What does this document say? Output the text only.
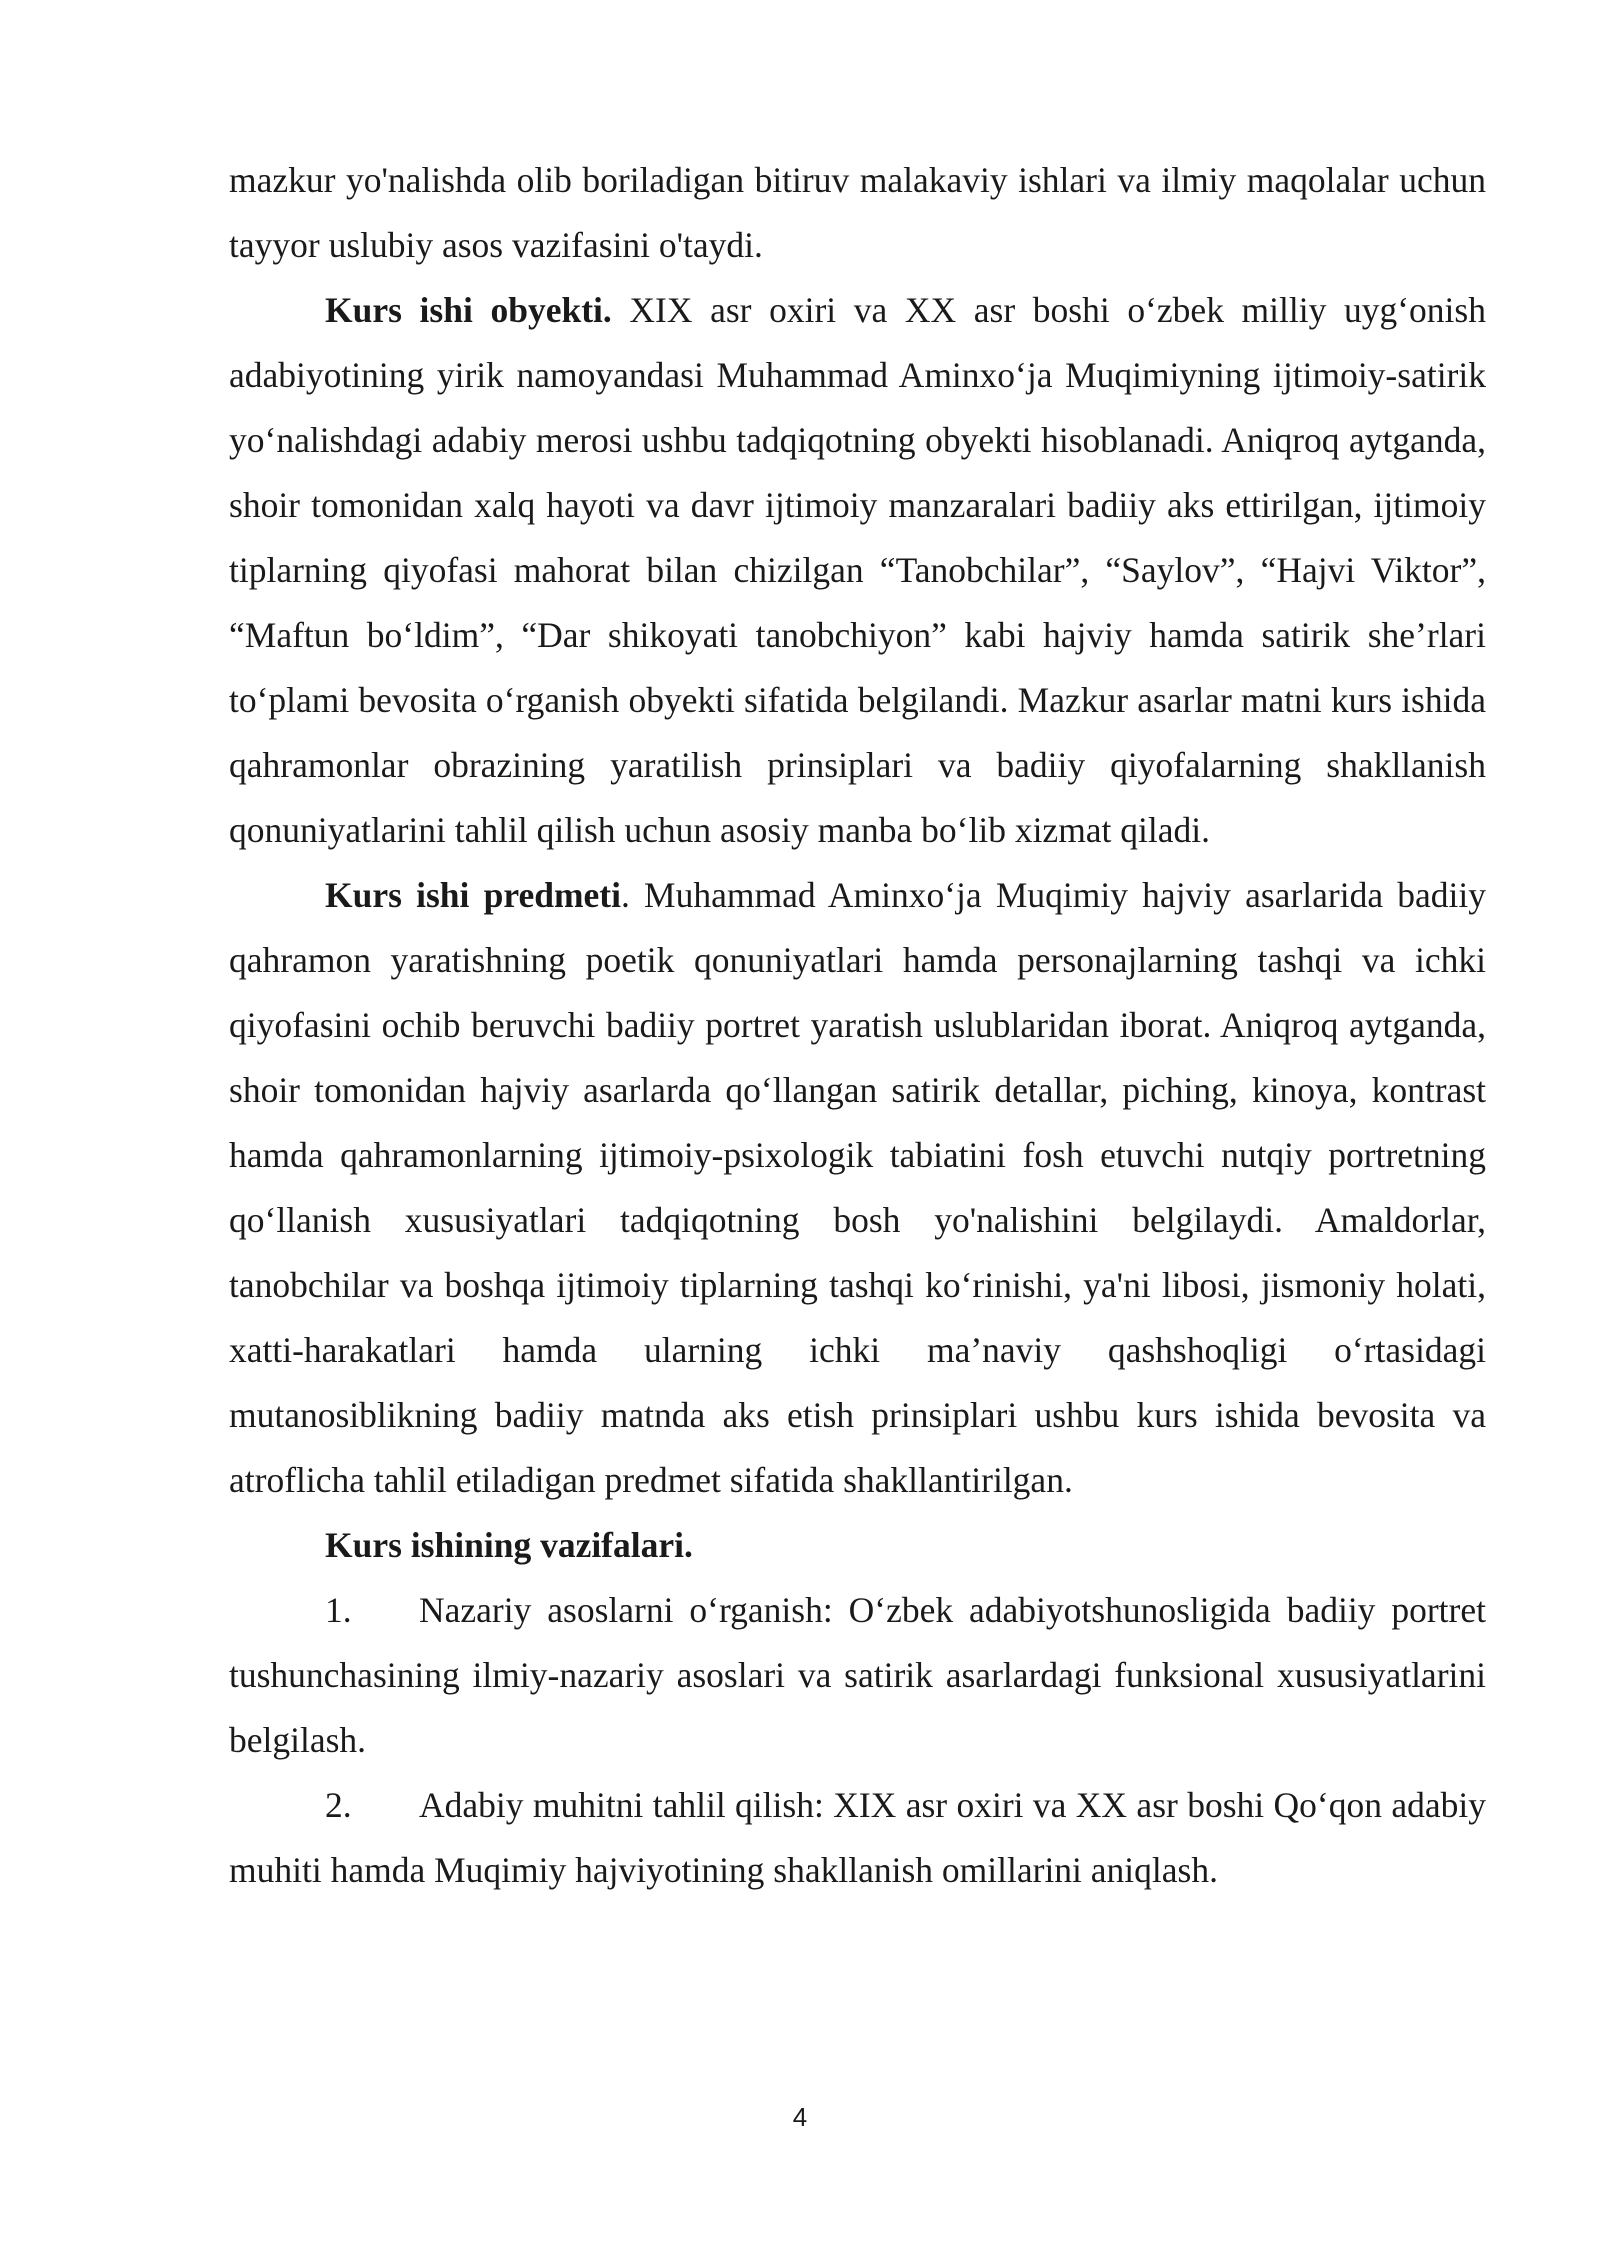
mazkur yo'nalishda olib boriladigan bitiruv malakaviy ishlari va ilmiy maqolalar uchun tayyor uslubiy asos vazifasini o'taydi.

Kurs ishi obyekti. XIX asr oxiri va XX asr boshi o‘zbek milliy uyg‘onish adabiyotining yirik namoyandasi Muhammad Aminxo‘ja Muqimiyning ijtimoiy-satirik yo‘nalishdagi adabiy merosi ushbu tadqiqotning obyekti hisoblanadi. Aniqroq aytganda, shoir tomonidan xalq hayoti va davr ijtimoiy manzaralari badiiy aks ettirilgan, ijtimoiy tiplarning qiyofasi mahorat bilan chizilgan “Tanobchilar”, “Saylov”, “Hajvi Viktor”, “Maftun bo‘ldim”, “Dar shikoyati tanobchiyon” kabi hajviy hamda satirik she’rlari to‘plami bevosita o‘rganish obyekti sifatida belgilandi. Mazkur asarlar matni kurs ishida qahramonlar obrazining yaratilish prinsiplari va badiiy qiyofalarning shakllanish qonuniyatlarini tahlil qilish uchun asosiy manba bo‘lib xizmat qiladi.

Kurs ishi predmeti. Muhammad Aminxo‘ja Muqimiy hajviy asarlarida badiiy qahramon yaratishning poetik qonuniyatlari hamda personajlarning tashqi va ichki qiyofasini ochib beruvchi badiiy portret yaratish uslublaridan iborat. Aniqroq aytganda, shoir tomonidan hajviy asarlarda qo‘llangan satirik detallar, piching, kinoya, kontrast hamda qahramonlarning ijtimoiy-psixologik tabiatini fosh etuvchi nutqiy portretning qo‘llanish xususiyatlari tadqiqotning bosh yo'nalishini belgilaydi. Amaldorlar, tanobchilar va boshqa ijtimoiy tiplarning tashqi ko‘rinishi, ya'ni libosi, jismoniy holati, xatti-harakatlari hamda ularning ichki ma’naviy qashshoqligi o‘rtasidagi mutanosiblikning badiiy matnda aks etish prinsiplari ushbu kurs ishida bevosita va atroflicha tahlil etiladigan predmet sifatida shakllantirilgan.

Kurs ishining vazifalari.

1. Nazariy asoslarni o‘rganish: O‘zbek adabiyotshunosligida badiiy portret tushunchasining ilmiy-nazariy asoslari va satirik asarlardagi funksional xususiyatlarini belgilash.

2. Adabiy muhitni tahlil qilish: XIX asr oxiri va XX asr boshi Qo‘qon adabiy muhiti hamda Muqimiy hajviyotining shakllanish omillarini aniqlash.

4
